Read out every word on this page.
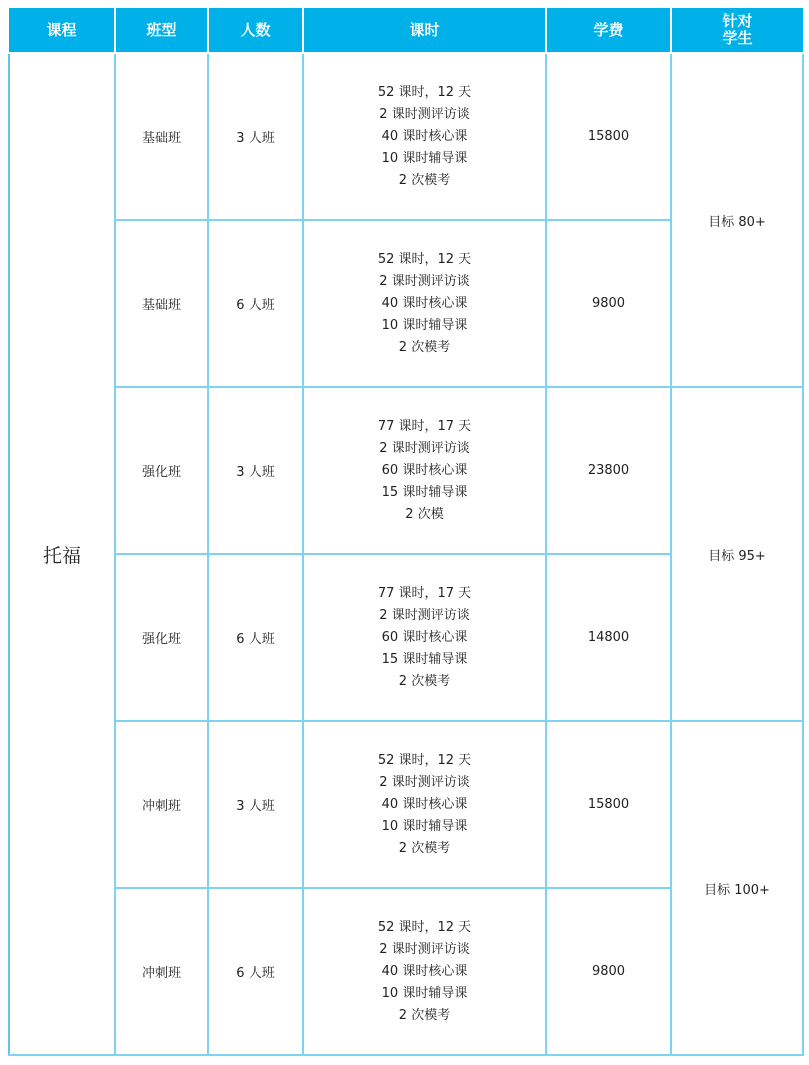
课程	班型	人数	课时	学费	针对
学生
托福	基础班	3 人班	52 课时，12 天
2 课时测评访谈
40 课时核心课
10 课时辅导课
2 次模考	15800	目标 80+
	基础班	6 人班	52 课时，12 天
2 课时测评访谈
40 课时核心课
10 课时辅导课
2 次模考	9800	
	强化班	3 人班	77 课时，17 天
2 课时测评访谈
60 课时核心课
15 课时辅导课
2 次模	23800	目标 95+
	强化班	6 人班	77 课时，17 天
2 课时测评访谈
60 课时核心课
15 课时辅导课
2 次模考	14800	
	冲刺班	3 人班	52 课时，12 天
2 课时测评访谈
40 课时核心课
10 课时辅导课
2 次模考	15800	目标 100+
	冲刺班	6 人班	52 课时，12 天
2 课时测评访谈
40 课时核心课
10 课时辅导课
2 次模考	9800	
